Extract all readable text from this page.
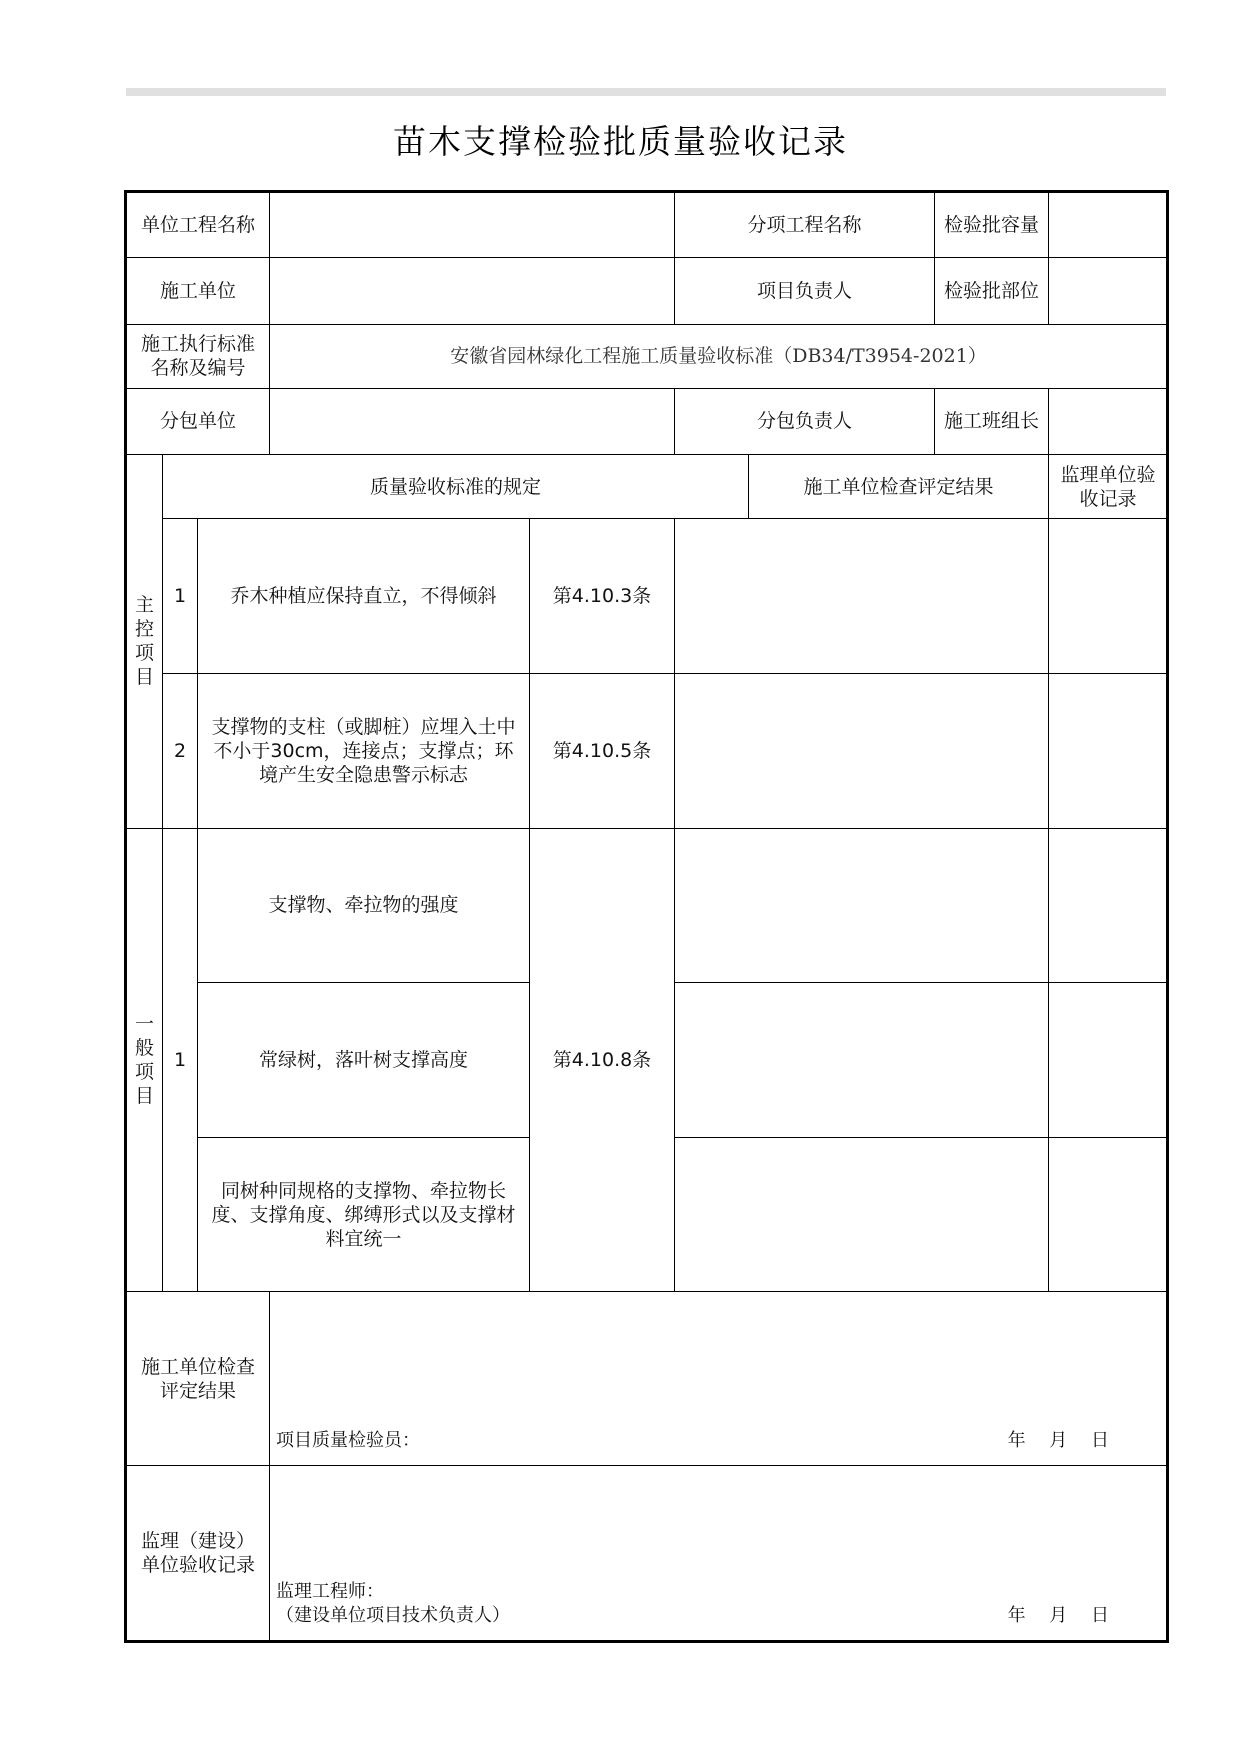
苗木支撑检验批质量验收记录
单位工程名称					分项工程名称		检验批容量	
施工单位					项目负责人		检验批部位	
施工执行标准名称及编号			安徽省园林绿化工程施工质量验收标准（DB34/T3954-2021）					
分包单位					分包负责人		施工班组长	
主控项目	质量验收标准的规定					施工单位检查评定结果		监理单位验收记录
	1	乔木种植应保持直立，不得倾斜		第4.10.3条				
	2	支撑物的支柱（或脚桩）应埋入土中不小于30cm，连接点；支撑点；环境产生安全隐患警示标志		第4.10.5条				
一般项目	1	支撑物、牵拉物的强度		第4.10.8条				
		常绿树，落叶树支撑高度						
		同树种同规格的支撑物、牵拉物长度、支撑角度、绑缚形式以及支撑材料宜统一						
施工单位检查评定结果			项目质量检验员： 年 月 日					

监理（建设）单位验收记录			监理工程师：
（建设单位项目技术负责人） 年 月 日					
